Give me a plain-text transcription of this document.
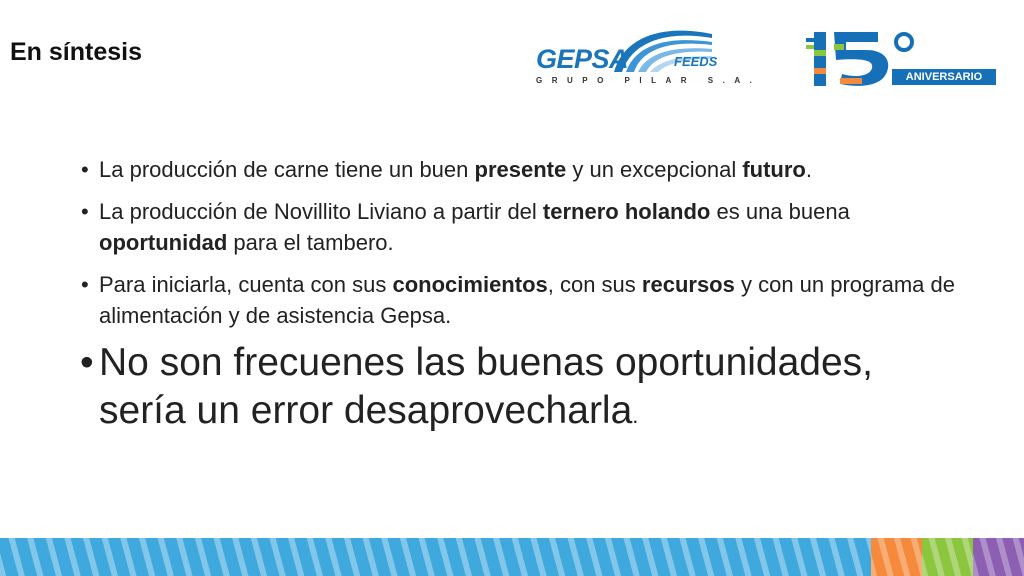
En síntesis	GEPSA	FEEDS
GRUPO PILAR S.A.	ANIVERSARIO
• La producción de carne tiene un buen presente y un excepcional futuro.
• La producción de Novillito Liviano a partir del ternero holando es una buena oportunidad para el tambero.
• Para iniciarla, cuenta con sus conocimientos, con sus recursos y con un programa de alimentación y de asistencia Gepsa.
• No son frecuenes las buenas oportunidades, sería un error desaprovecharla.
